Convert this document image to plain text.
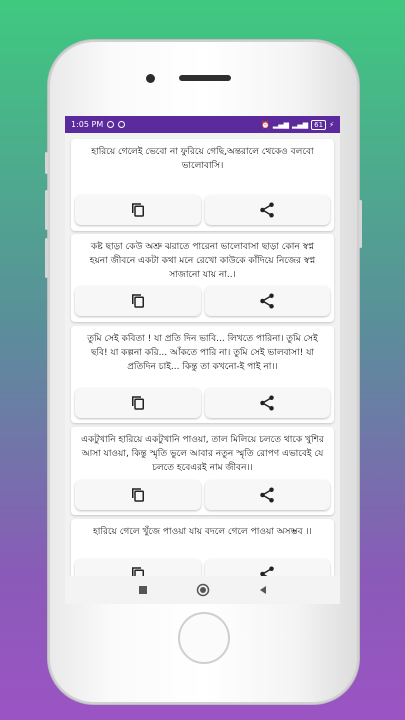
1:05 PM	⏰ ▂▄▆ ▂▄▆ 61 ⚡
হারিয়ে গেলেই ভেবো না ফুরিয়ে গেছি,অন্তরালে থেকেও বলবো ভালোবাসি।
কষ্ট ছাড়া কেউ অশ্রু ঝরাতে পারেনা ভালোবাসা ছাড়া কোন স্বপ্ন হয়না জীবনে একটা কথা মনে রেখো কাউকে কাঁদিয়ে নিজের স্বপ্ন সাজানো যায় না..।
তুমি সেই কবিতা ! যা প্রতি দিন ভাবি... লিখতে পারিনা। তুমি সেই ছবি! যা কল্পনা করি... আঁকতে পারি না। তুমি সেই ভালবাসা! যা প্রতিদিন চাই... কিন্তু তা কখনো-ই পাই না।।
একটুখানি হারিয়ে একটুখানি পাওয়া, তাল মিলিয়ে চলতে থাকে খুশির আসা যাওয়া, কিন্তু স্মৃতি ভুলে আবার নতুন স্মৃতি রোপণ এভাবেই যে চলতে হবেএরই নাম জীবন।।
হারিয়ে গেলে খুঁজে পাওয়া যায় বদলে গেলে পাওয়া অসম্ভব ।।
